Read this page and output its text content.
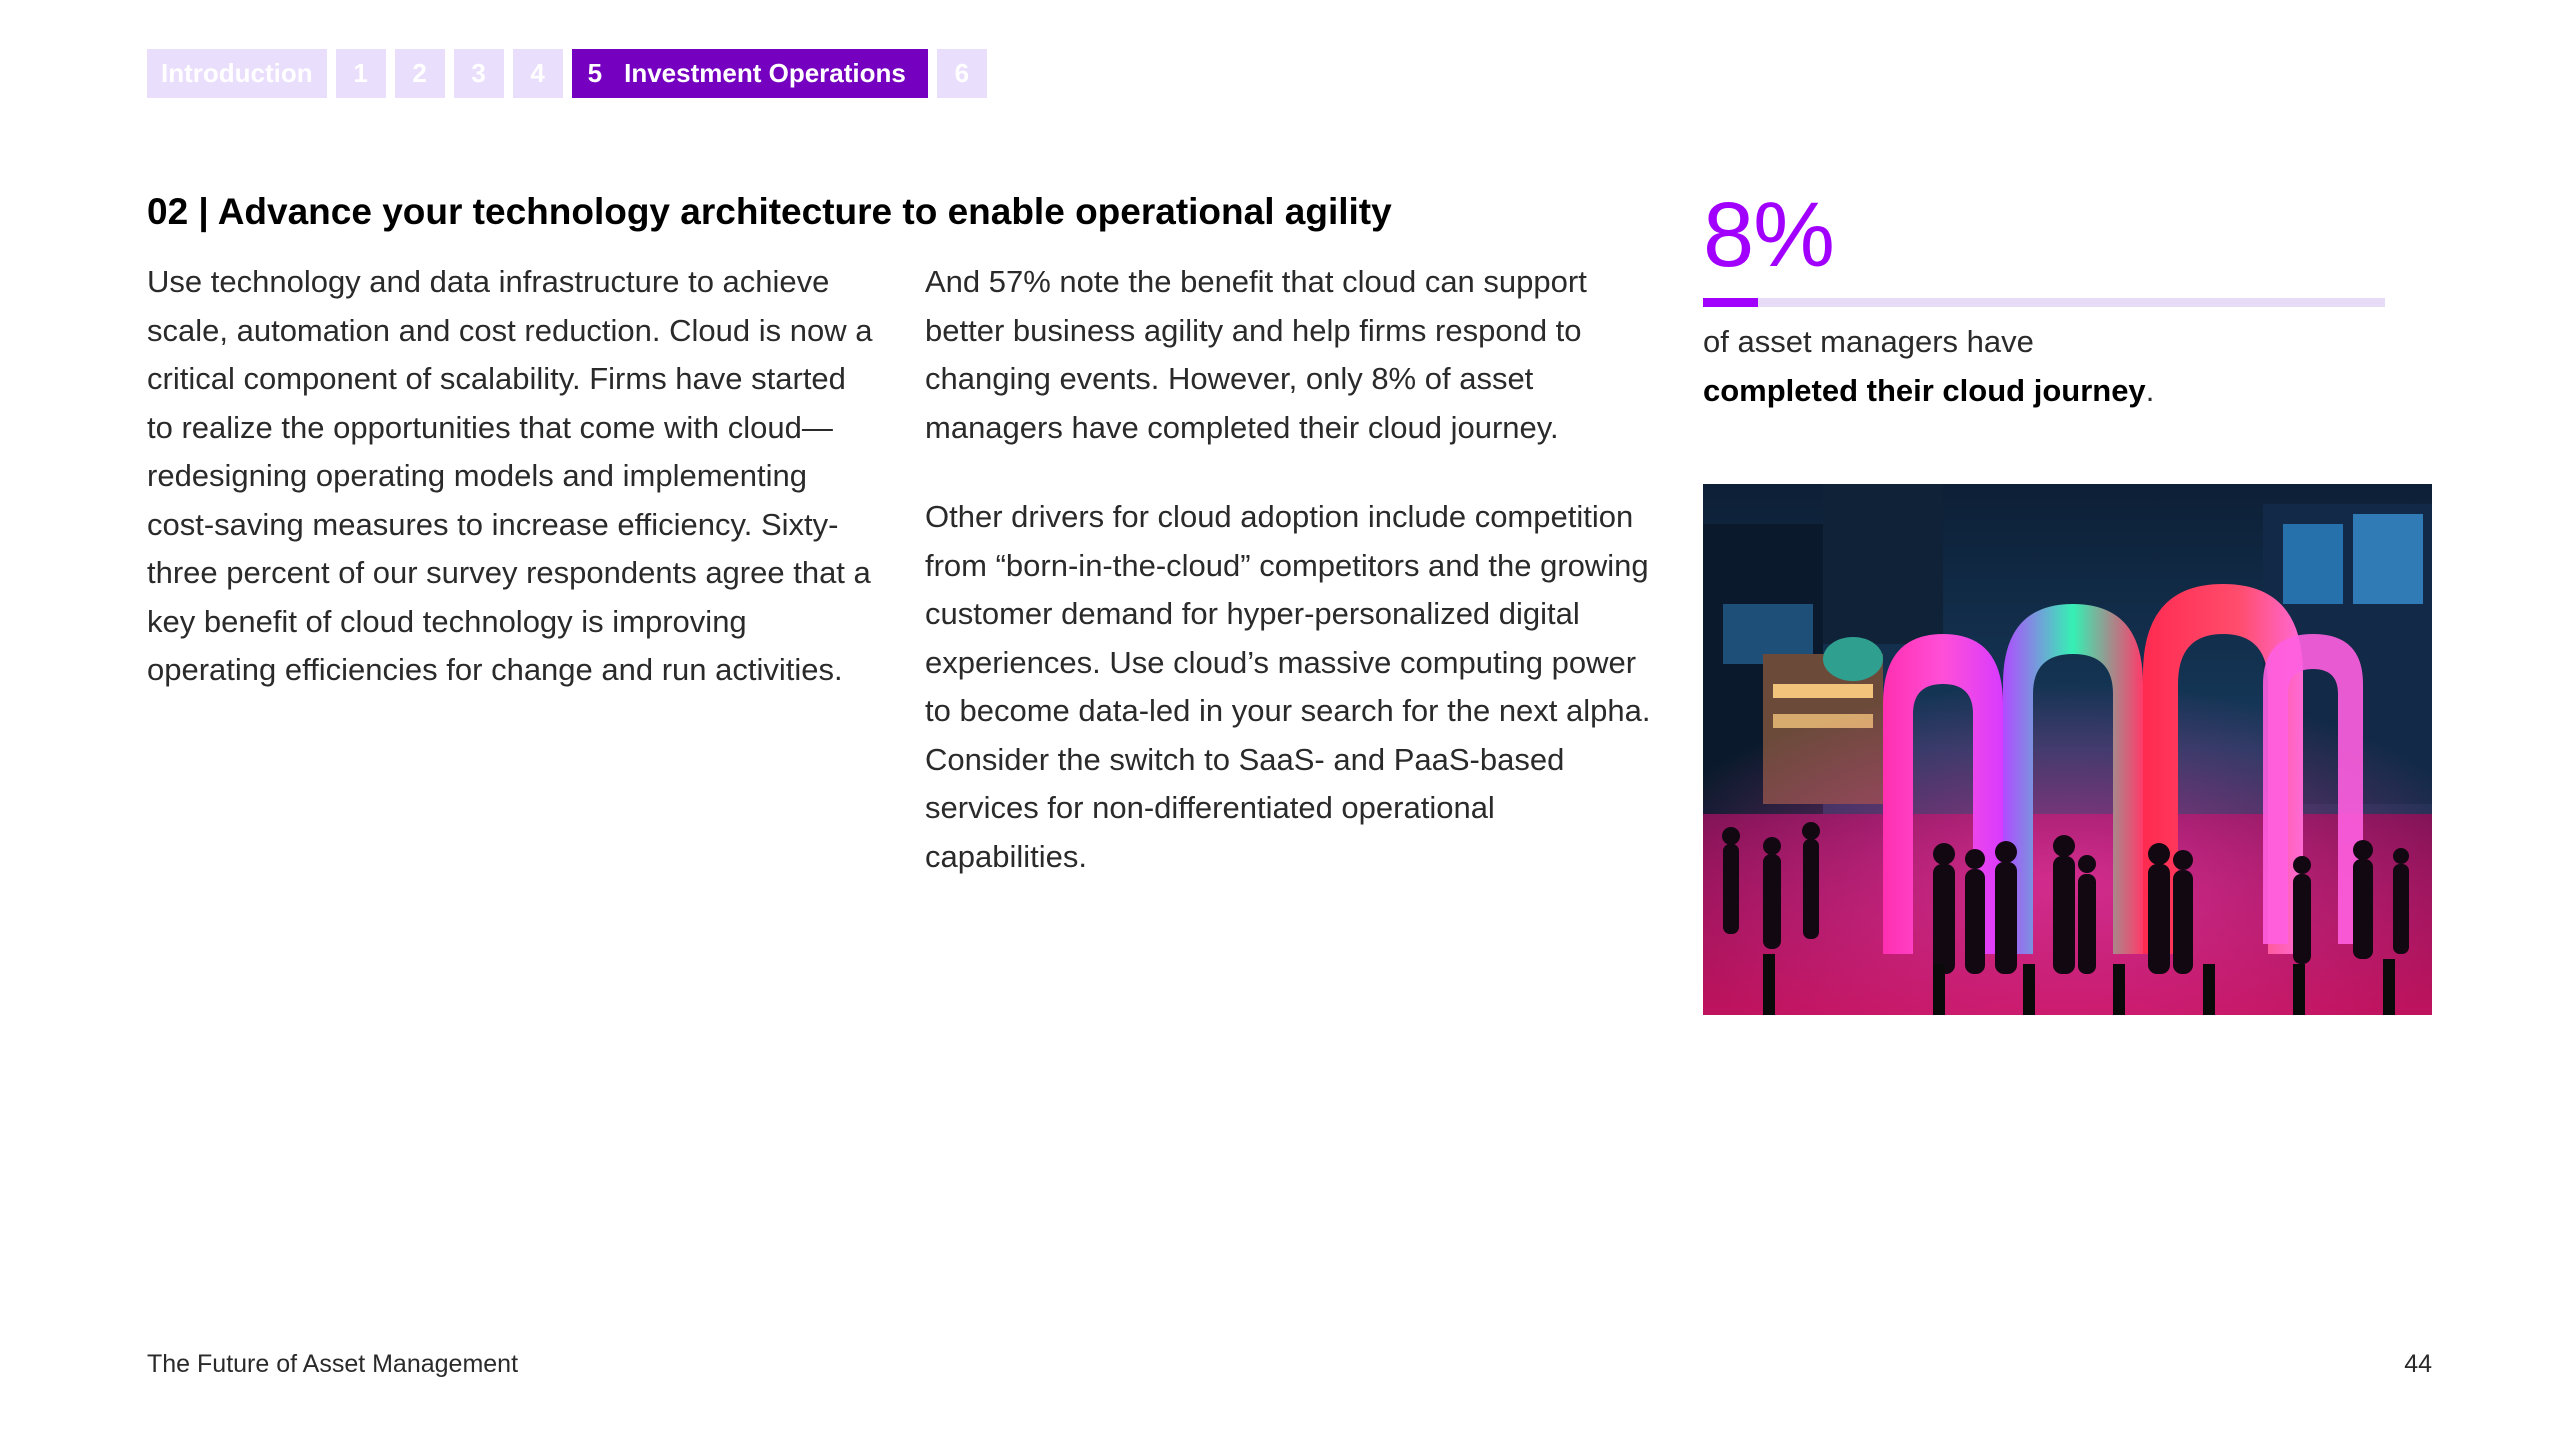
Introduction 1 2 3 4 5 Investment Operations 6
02 | Advance your technology architecture to enable operational agility

Use technology and data infrastructure to achieve scale, automation and cost reduction. Cloud is now a critical component of scalability. Firms have started to realize the opportunities that come with cloud—redesigning operating models and implementing cost-saving measures to increase efficiency. Sixty-three percent of our survey respondents agree that a key benefit of cloud technology is improving operating efficiencies for change and run activities.

And 57% note the benefit that cloud can support better business agility and help firms respond to changing events. However, only 8% of asset managers have completed their cloud journey.

Other drivers for cloud adoption include competition from “born-in-the-cloud” competitors and the growing customer demand for hyper-personalized digital experiences. Use cloud’s massive computing power to become data-led in your search for the next alpha. Consider the switch to SaaS- and PaaS-based services for non-differentiated operational capabilities.

8%
of asset managers have
completed their cloud journey.
The Future of Asset Management	44
